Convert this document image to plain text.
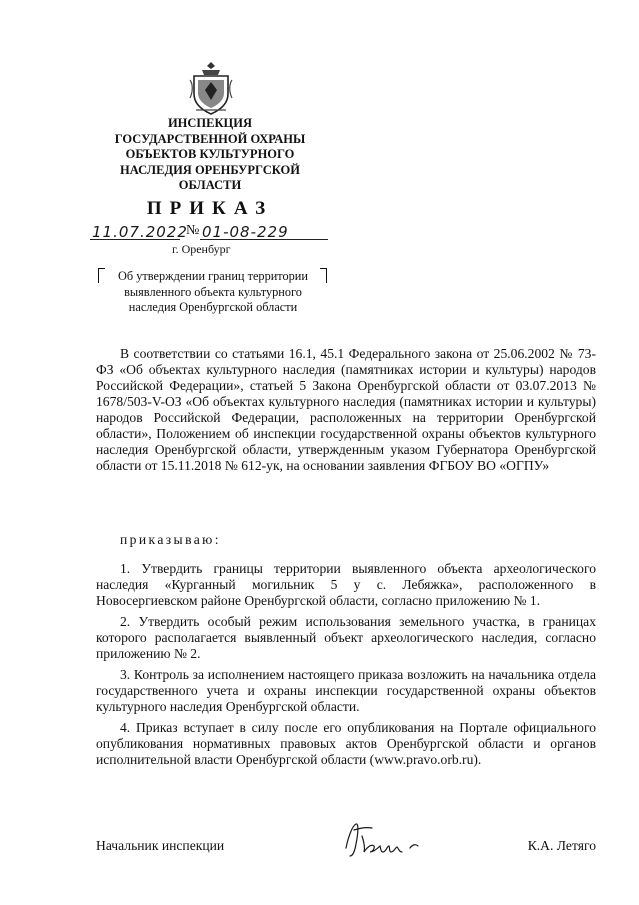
ИНСПЕКЦИЯ
ГОСУДАРСТВЕННОЙ ОХРАНЫ
ОБЪЕКТОВ КУЛЬТУРНОГО
НАСЛЕДИЯ ОРЕНБУРГСКОЙ
ОБЛАСТИ
ПРИКАЗ
11.07.2022
№ 01-08-229
г. Оренбург
Об утверждении границ территории
выявленного объекта культурного
наследия Оренбургской области
В соответствии со статьями 16.1, 45.1 Федерального закона от 25.06.2002 № 73-ФЗ «Об объектах культурного наследия (памятниках истории и культуры) народов Российской Федерации», статьей 5 Закона Оренбургской области от 03.07.2013 № 1678/503-V-ОЗ «Об объектах культурного наследия (памятниках истории и культуры) народов Российской Федерации, расположенных на территории Оренбургской области», Положением об инспекции государственной охраны объектов культурного наследия Оренбургской области, утвержденным указом Губернатора Оренбургской области от 15.11.2018 № 612-ук, на основании заявления ФГБОУ ВО «ОГПУ»
приказываю:
1. Утвердить границы территории выявленного объекта археологического наследия «Курганный могильник 5 у с. Лебяжка», расположенного в Новосергиевском районе Оренбургской области, согласно приложению № 1.
2. Утвердить особый режим использования земельного участка, в границах которого располагается выявленный объект археологического наследия, согласно приложению № 2.
3. Контроль за исполнением настоящего приказа возложить на начальника отдела государственного учета и охраны инспекции государственной охраны объектов культурного наследия Оренбургской области.
4. Приказ вступает в силу после его опубликования на Портале официального опубликования нормативных правовых актов Оренбургской области и органов исполнительной власти Оренбургской области (www.pravo.orb.ru).
Начальник инспекции	К.А. Летяго
